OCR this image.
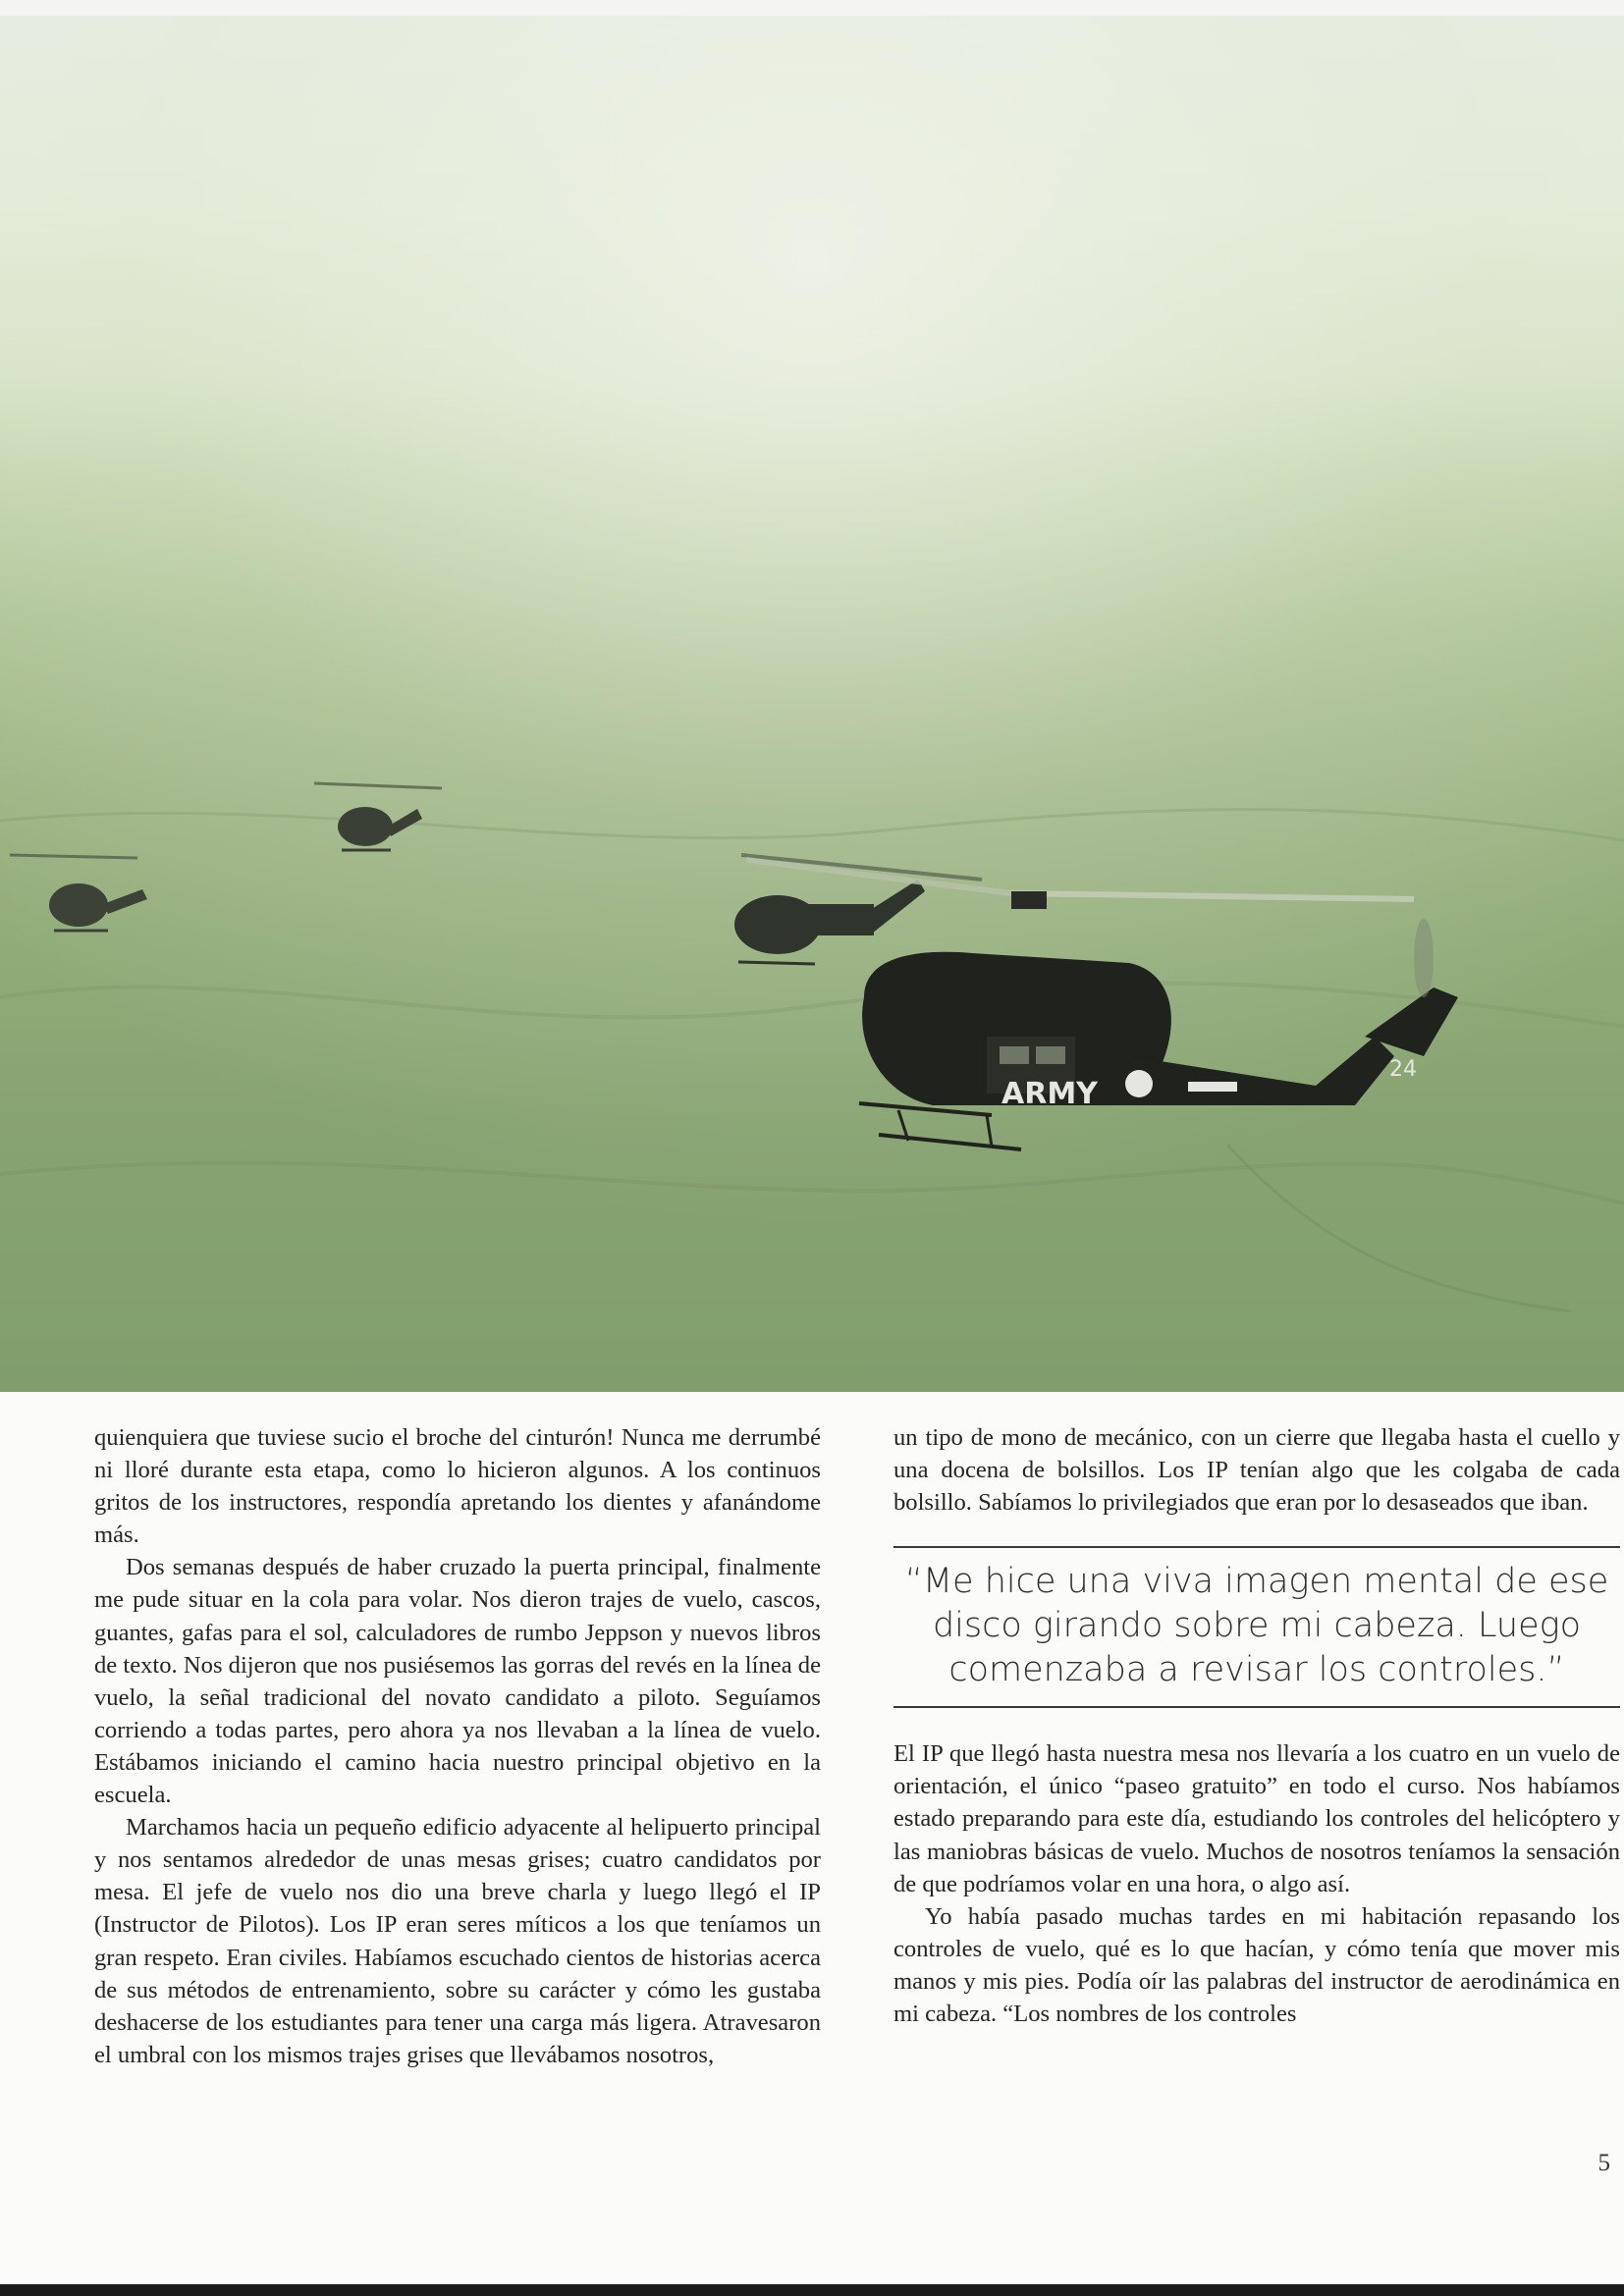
ARMY
24

quienquiera que tuviese sucio el broche del cinturón! Nunca me derrumbé ni lloré durante esta etapa, como lo hicieron algunos. A los continuos gritos de los instructores, respondía apretando los dientes y afanándome más.

Dos semanas después de haber cruzado la puerta principal, finalmente me pude situar en la cola para volar. Nos dieron trajes de vuelo, cascos, guantes, gafas para el sol, calculadores de rumbo Jeppson y nuevos libros de texto. Nos dijeron que nos pusiésemos las gorras del revés en la línea de vuelo, la señal tradicional del novato candidato a piloto. Seguíamos corriendo a todas partes, pero ahora ya nos llevaban a la línea de vuelo. Estábamos iniciando el camino hacia nuestro principal objetivo en la escuela.

Marchamos hacia un pequeño edificio adyacente al helipuerto principal y nos sentamos alrededor de unas mesas grises; cuatro candidatos por mesa. El jefe de vuelo nos dio una breve charla y luego llegó el IP (Instructor de Pilotos). Los IP eran seres míticos a los que teníamos un gran respeto. Eran civiles. Habíamos escuchado cientos de historias acerca de sus métodos de entrenamiento, sobre su carácter y cómo les gustaba deshacerse de los estudiantes para tener una carga más ligera. Atravesaron el umbral con los mismos trajes grises que llevábamos nosotros,

un tipo de mono de mecánico, con un cierre que llegaba hasta el cuello y una docena de bolsillos. Los IP tenían algo que les colgaba de cada bolsillo. Sabíamos lo privilegiados que eran por lo desaseados que iban.

“Me hice una viva imagen mental de ese disco girando sobre mi cabeza. Luego comenzaba a revisar los controles.”

El IP que llegó hasta nuestra mesa nos llevaría a los cuatro en un vuelo de orientación, el único “paseo gratuito” en todo el curso. Nos habíamos estado preparando para este día, estudiando los controles del helicóptero y las maniobras básicas de vuelo. Muchos de nosotros teníamos la sensación de que podríamos volar en una hora, o algo así.

Yo había pasado muchas tardes en mi habitación repasando los controles de vuelo, qué es lo que hacían, y cómo tenía que mover mis manos y mis pies. Podía oír las palabras del instructor de aerodinámica en mi cabeza. “Los nombres de los controles

5
